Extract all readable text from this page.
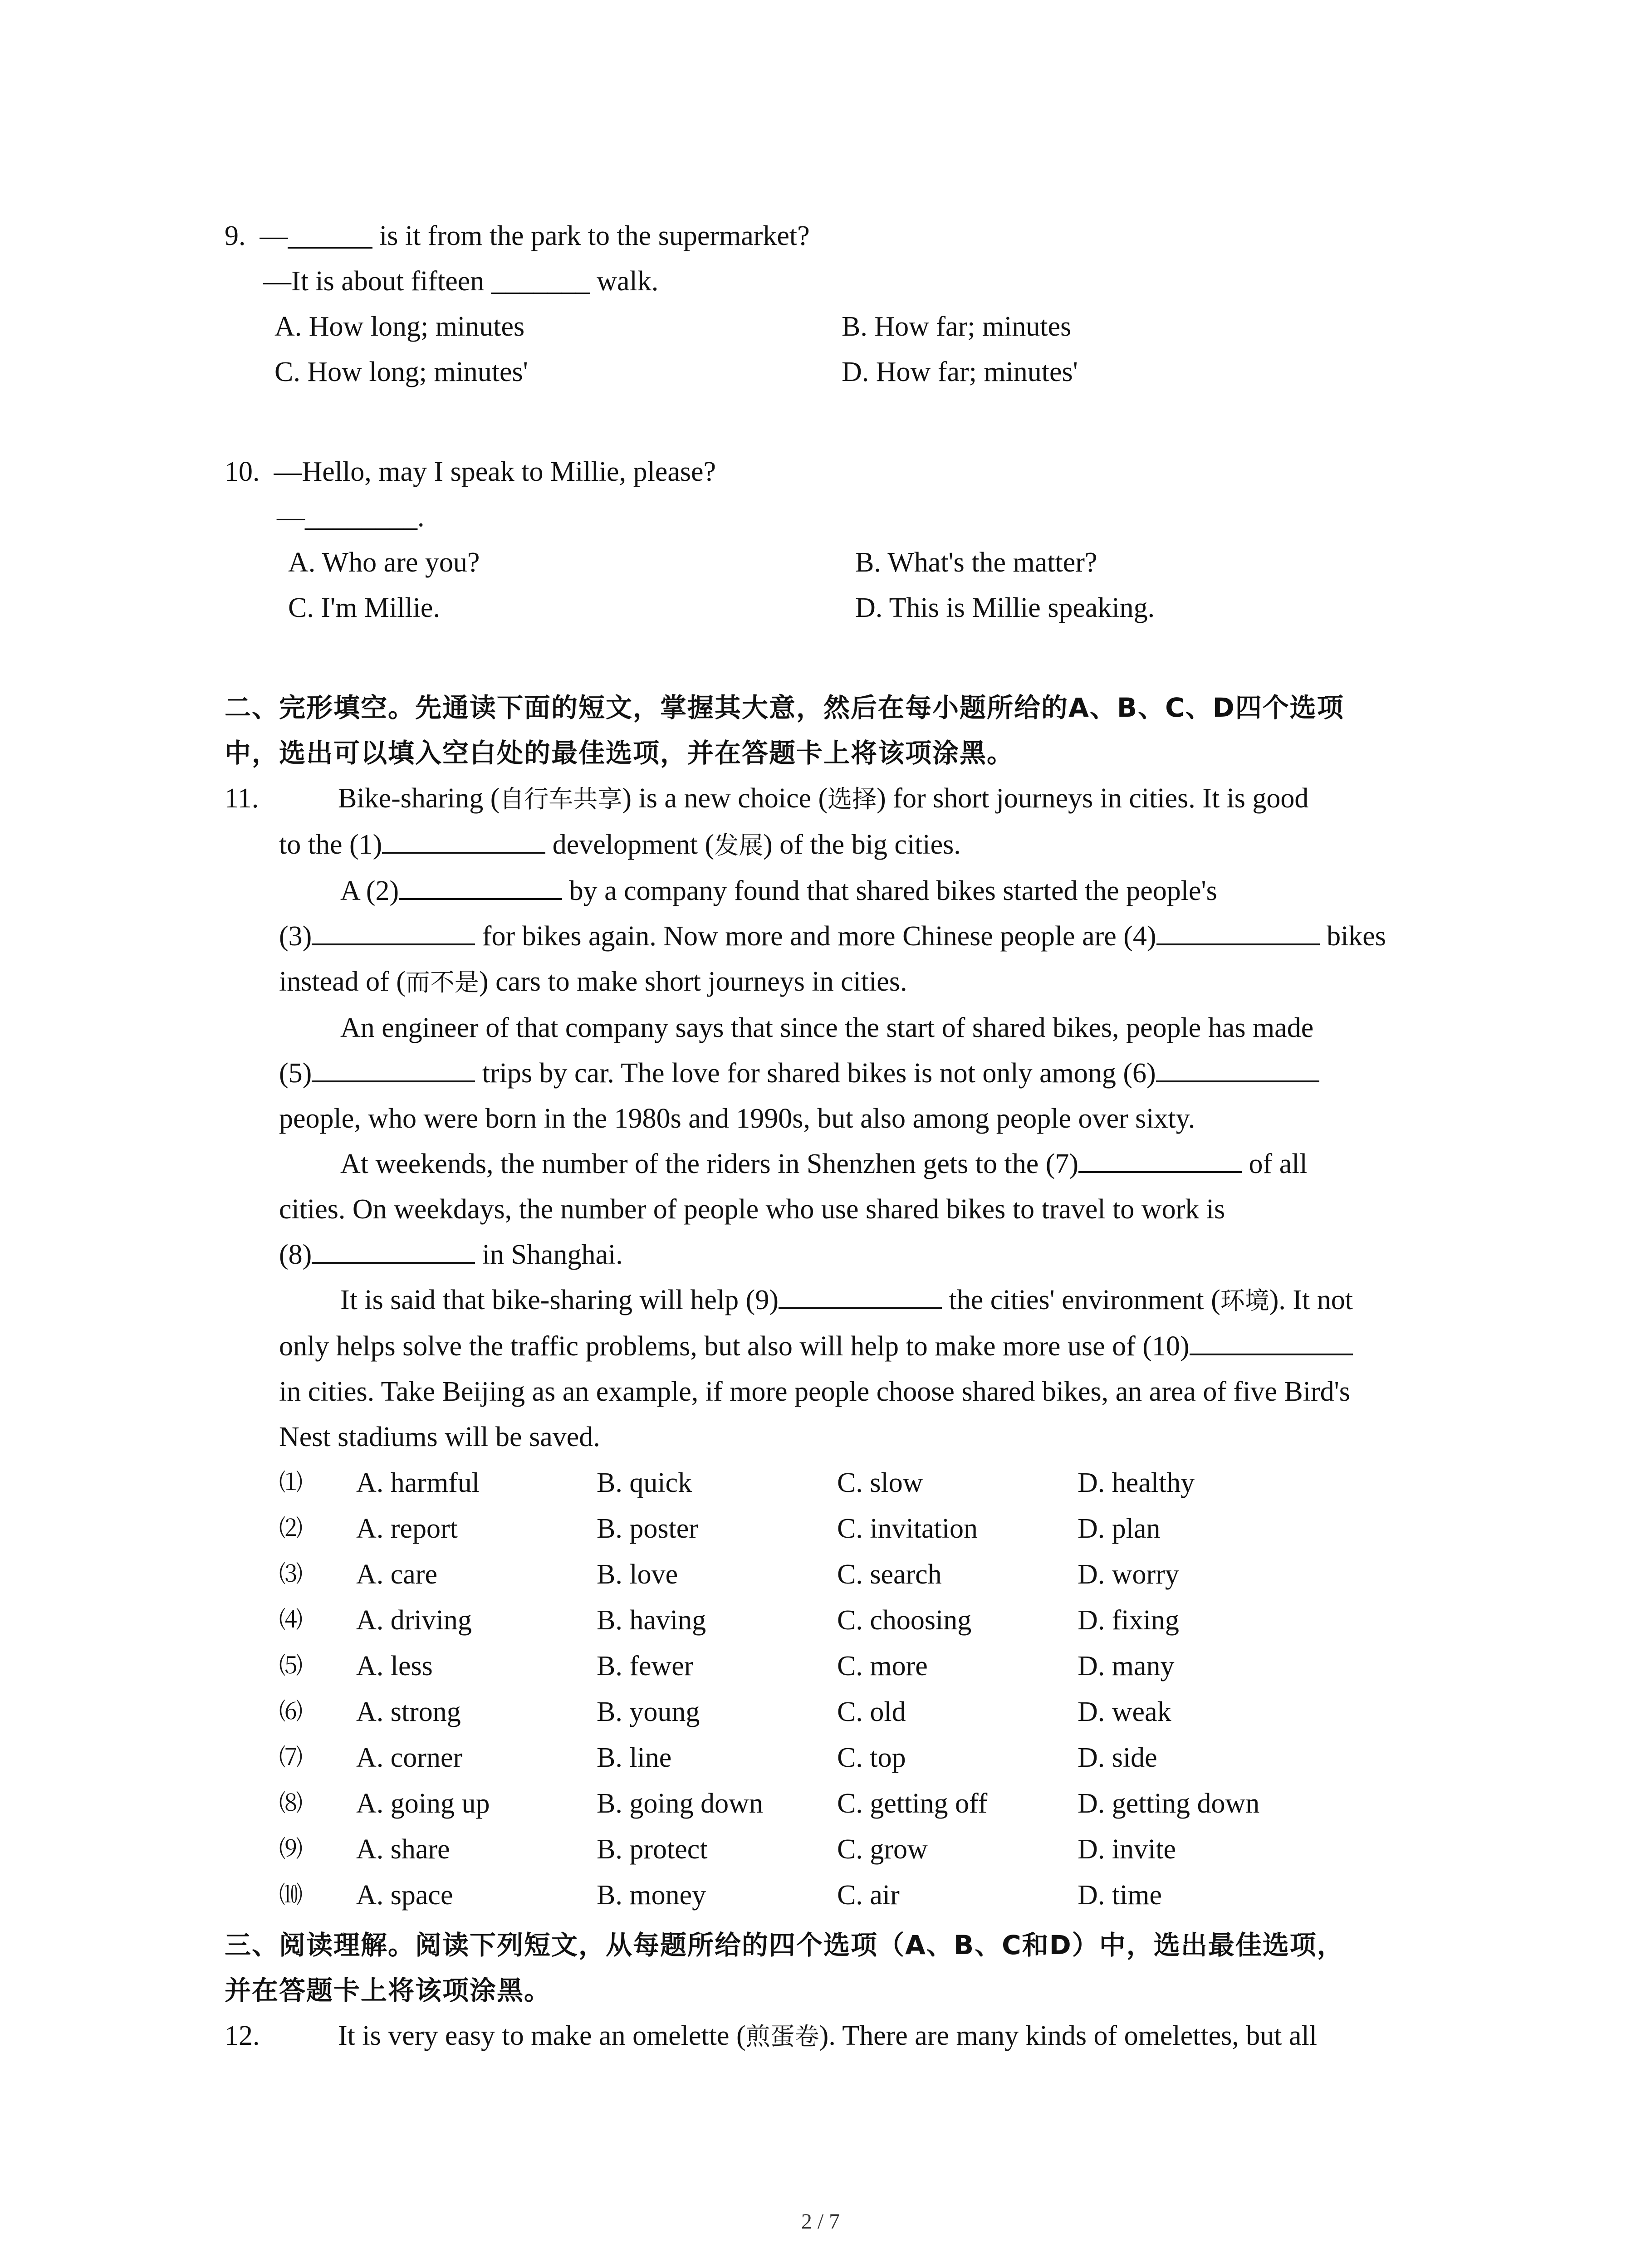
9. —______ is it from the park to the supermarket?
—It is about fifteen _______ walk.
A. How long; minutes	B. How far; minutes
C. How long; minutes'	D. How far; minutes'
10. —Hello, may I speak to Millie, please?
—________.
A. Who are you?	B. What's the matter?
C. I'm Millie.	D. This is Millie speaking.
二、完形填空。先通读下面的短文，掌握其大意，然后在每小题所给的A、B、C、D四个选项
中，选出可以填入空白处的最佳选项，并在答题卡上将该项涂黑。
11.	Bike-sharing (自行车共享) is a new choice (选择) for short journeys in cities. It is good
to the (1)	development (发展) of the big cities.
A (2)	by a company found that shared bikes started the people's
(3)	for bikes again. Now more and more Chinese people are (4)	bikes
instead of (而不是) cars to make short journeys in cities.
An engineer of that company says that since the start of shared bikes, people has made
(5)	trips by car. The love for shared bikes is not only among (6)
people, who were born in the 1980s and 1990s, but also among people over sixty.
At weekends, the number of the riders in Shenzhen gets to the (7)	of all
cities. On weekdays, the number of people who use shared bikes to travel to work is
(8)	in Shanghai.
It is said that bike-sharing will help (9)	the cities' environment (环境). It not
only helps solve the traffic problems, but also will help to make more use of (10)
in cities. Take Beijing as an example, if more people choose shared bikes, an area of five Bird's
Nest stadiums will be saved.
⑴	A. harmful	B. quick	C. slow	D. healthy
⑵	A. report	B. poster	C. invitation	D. plan
⑶	A. care	B. love	C. search	D. worry
⑷	A. driving	B. having	C. choosing	D. fixing
⑸	A. less	B. fewer	C. more	D. many
⑹	A. strong	B. young	C. old	D. weak
⑺	A. corner	B. line	C. top	D. side
⑻	A. going up	B. going down	C. getting off	D. getting down
⑼	A. share	B. protect	C. grow	D. invite
⑽	A. space	B. money	C. air	D. time
三、阅读理解。阅读下列短文，从每题所给的四个选项（A、B、C和D）中，选出最佳选项，
并在答题卡上将该项涂黑。
12.	It is very easy to make an omelette (煎蛋卷). There are many kinds of omelettes, but all
2 / 7
